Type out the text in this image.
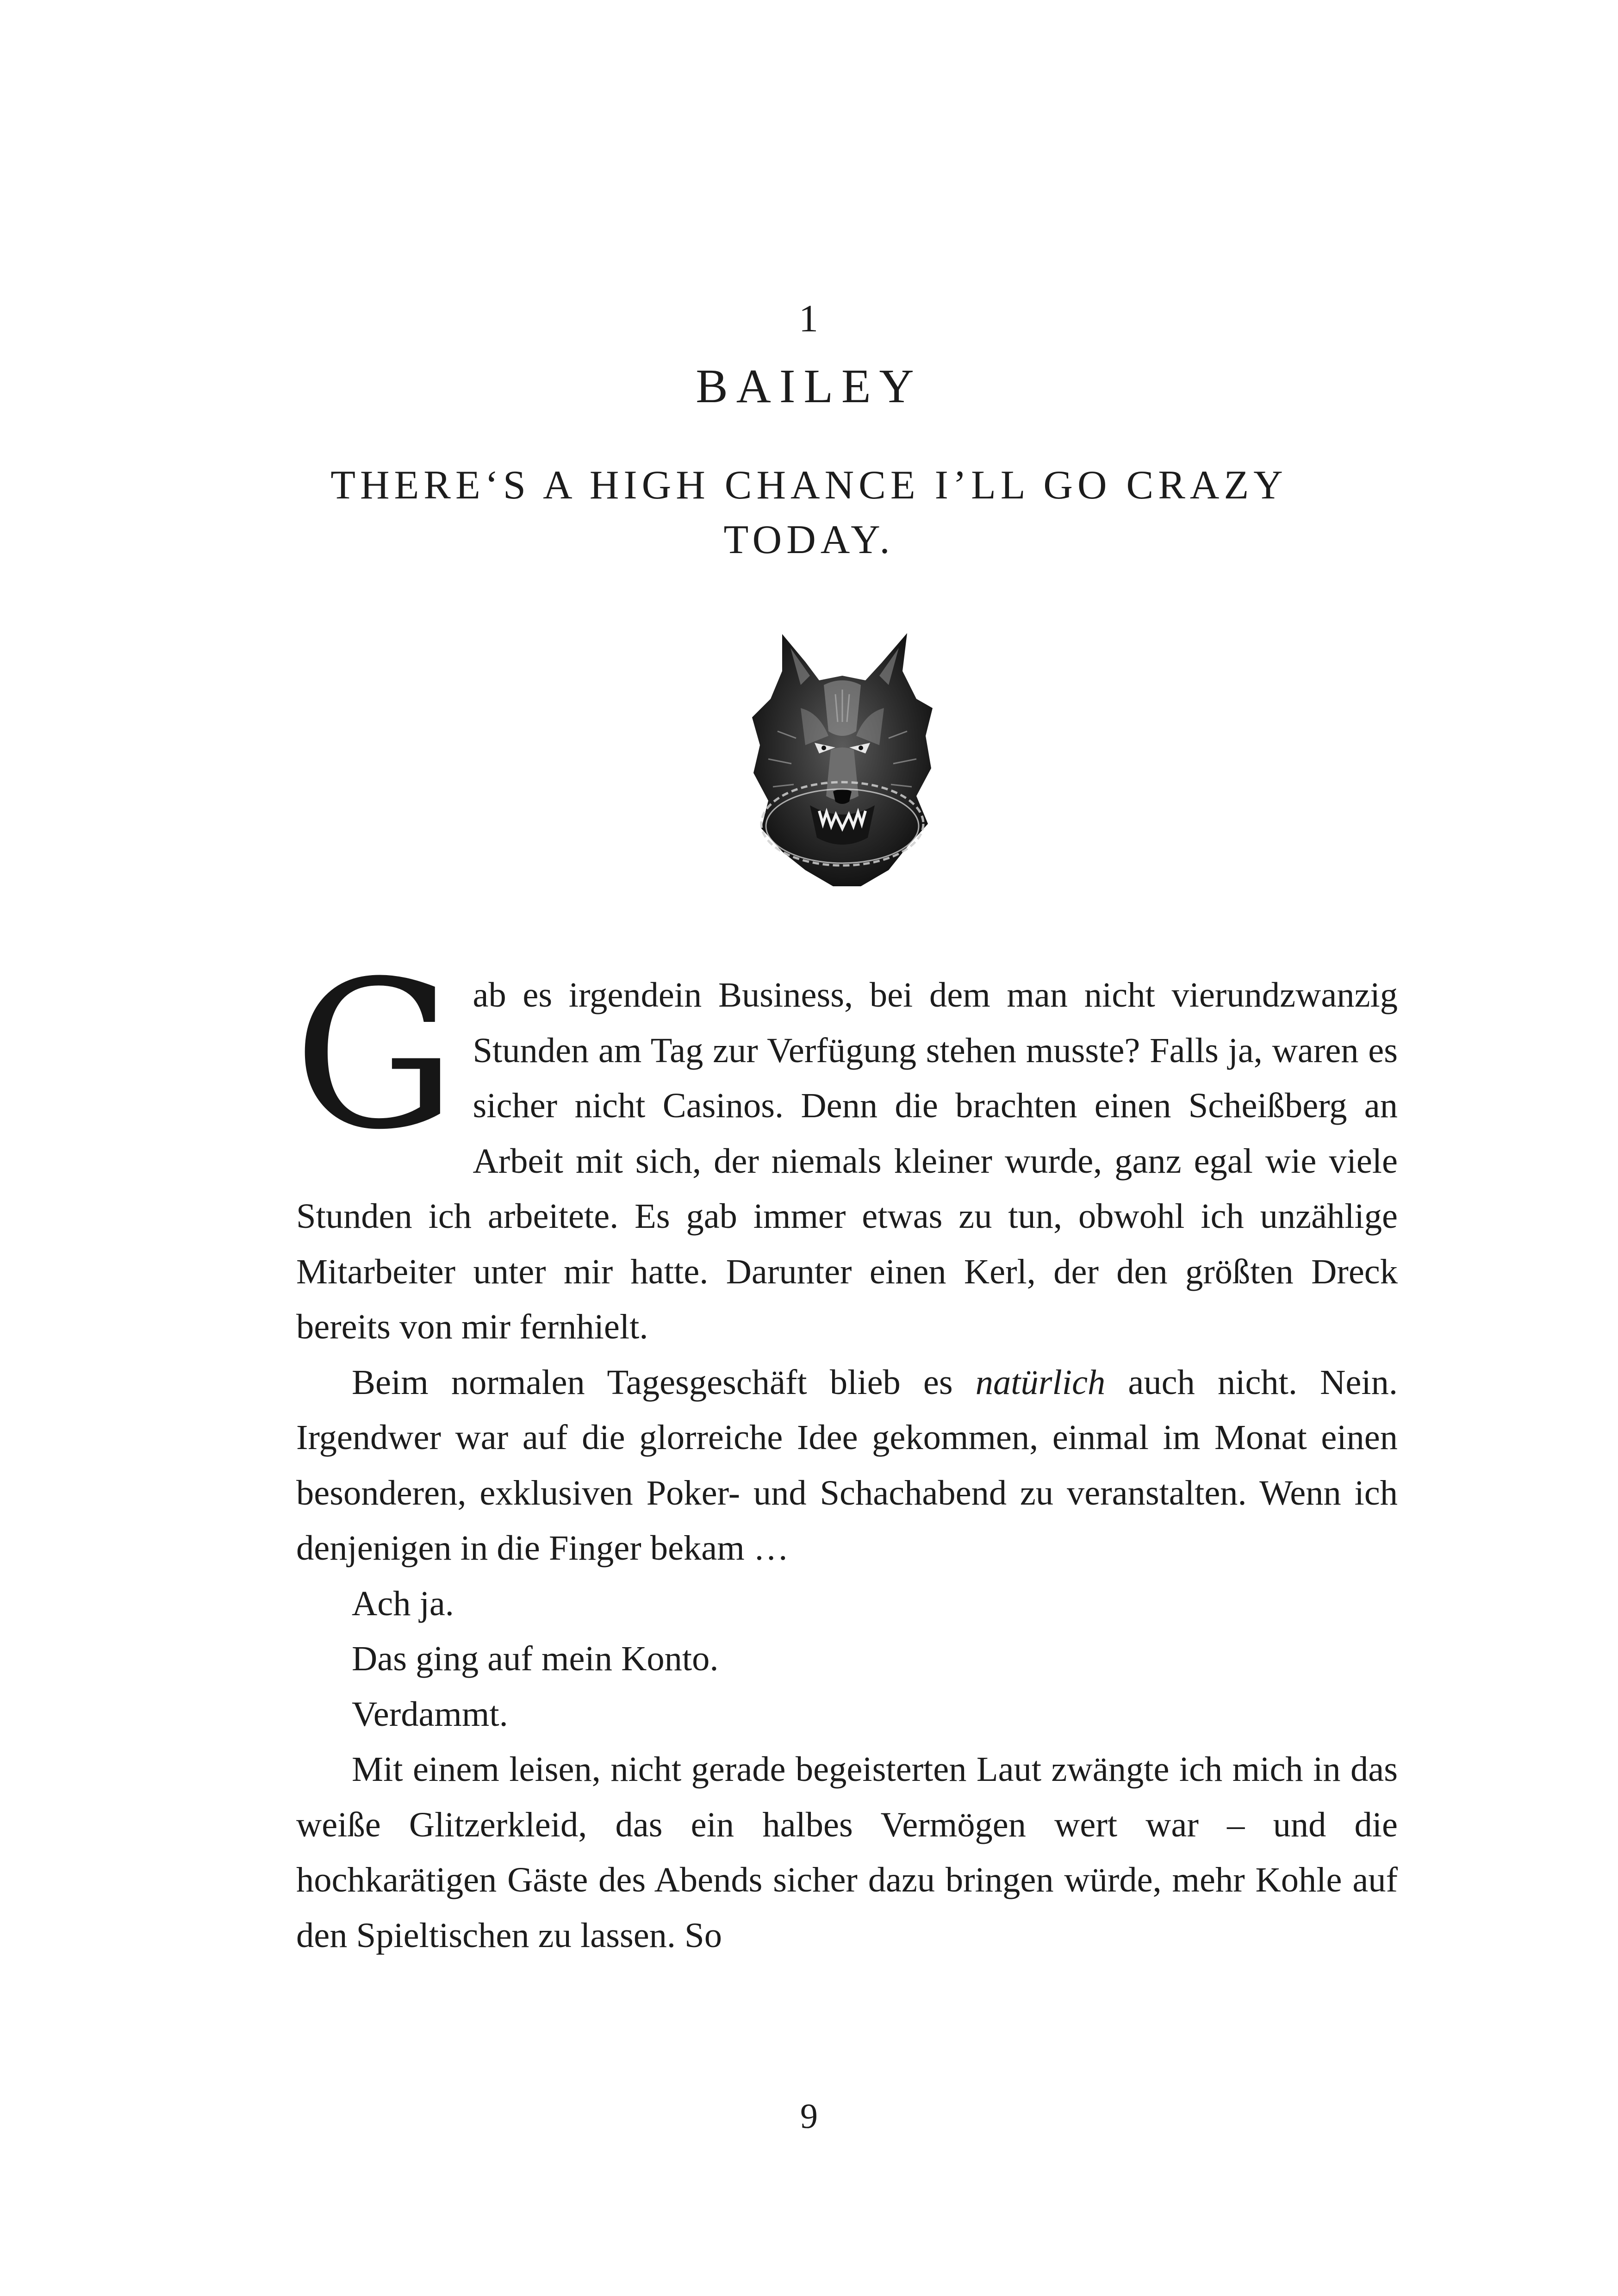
1
BAILEY
THERE‘S A HIGH CHANCE I’LL GO CRAZY TODAY.

Gab es irgendein Business, bei dem man nicht vierundzwanzig Stunden am Tag zur Verfügung stehen musste? Falls ja, waren es sicher nicht Casinos. Denn die brachten einen Scheißberg an Arbeit mit sich, der niemals kleiner wurde, ganz egal wie viele Stunden ich arbeitete. Es gab immer etwas zu tun, obwohl ich unzählige Mitarbeiter unter mir hatte. Darunter einen Kerl, der den größten Dreck bereits von mir fernhielt.

Beim normalen Tagesgeschäft blieb es natürlich auch nicht. Nein. Irgendwer war auf die glorreiche Idee gekommen, einmal im Monat einen besonderen, exklusiven Poker- und Schachabend zu veranstalten. Wenn ich denjenigen in die Finger bekam …

Ach ja.

Das ging auf mein Konto.

Verdammt.

Mit einem leisen, nicht gerade begeisterten Laut zwängte ich mich in das weiße Glitzerkleid, das ein halbes Vermögen wert war – und die hochkarätigen Gäste des Abends sicher dazu bringen würde, mehr Kohle auf den Spieltischen zu lassen. So

9
